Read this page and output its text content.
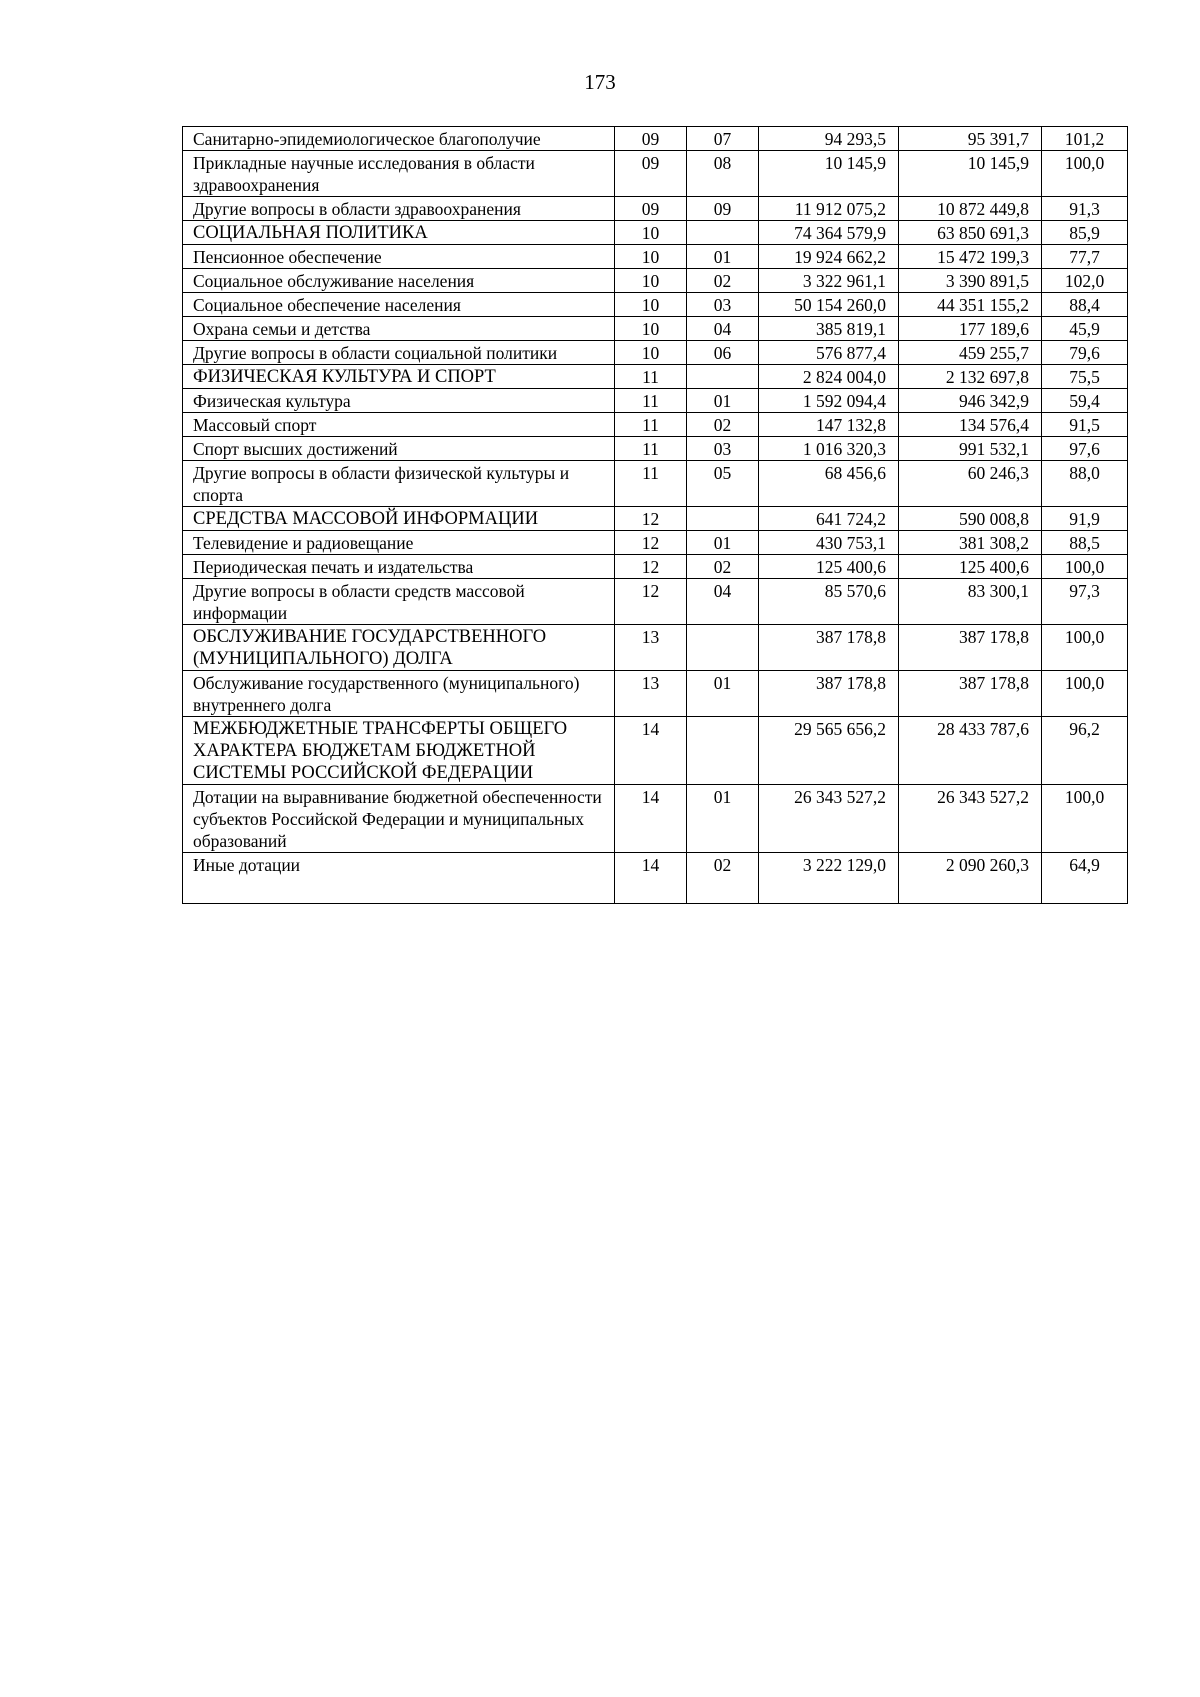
173
Санитарно-эпидемиологическое благополучие	09	07	94 293,5	95 391,7	101,2
Прикладные научные исследования в области здравоохранения	09	08	10 145,9	10 145,9	100,0
Другие вопросы в области здравоохранения	09	09	11 912 075,2	10 872 449,8	91,3
СОЦИАЛЬНАЯ ПОЛИТИКА	10		74 364 579,9	63 850 691,3	85,9
Пенсионное обеспечение	10	01	19 924 662,2	15 472 199,3	77,7
Социальное обслуживание населения	10	02	3 322 961,1	3 390 891,5	102,0
Социальное обеспечение населения	10	03	50 154 260,0	44 351 155,2	88,4
Охрана семьи и детства	10	04	385 819,1	177 189,6	45,9
Другие вопросы в области социальной политики	10	06	576 877,4	459 255,7	79,6
ФИЗИЧЕСКАЯ КУЛЬТУРА И СПОРТ	11		2 824 004,0	2 132 697,8	75,5
Физическая культура	11	01	1 592 094,4	946 342,9	59,4
Массовый спорт	11	02	147 132,8	134 576,4	91,5
Спорт высших достижений	11	03	1 016 320,3	991 532,1	97,6
Другие вопросы в области физической культуры и спорта	11	05	68 456,6	60 246,3	88,0
СРЕДСТВА МАССОВОЙ ИНФОРМАЦИИ	12		641 724,2	590 008,8	91,9
Телевидение и радиовещание	12	01	430 753,1	381 308,2	88,5
Периодическая печать и издательства	12	02	125 400,6	125 400,6	100,0
Другие вопросы в области средств массовой информации	12	04	85 570,6	83 300,1	97,3
ОБСЛУЖИВАНИЕ ГОСУДАРСТВЕННОГО (МУНИЦИПАЛЬНОГО) ДОЛГА	13		387 178,8	387 178,8	100,0
Обслуживание государственного (муниципального) внутреннего долга	13	01	387 178,8	387 178,8	100,0
МЕЖБЮДЖЕТНЫЕ ТРАНСФЕРТЫ ОБЩЕГО ХАРАКТЕРА БЮДЖЕТАМ БЮДЖЕТНОЙ СИСТЕМЫ РОССИЙСКОЙ ФЕДЕРАЦИИ	14		29 565 656,2	28 433 787,6	96,2
Дотации на выравнивание бюджетной обеспеченности субъектов Российской Федерации и муниципальных образований	14	01	26 343 527,2	26 343 527,2	100,0
Иные дотации	14	02	3 222 129,0	2 090 260,3	64,9
